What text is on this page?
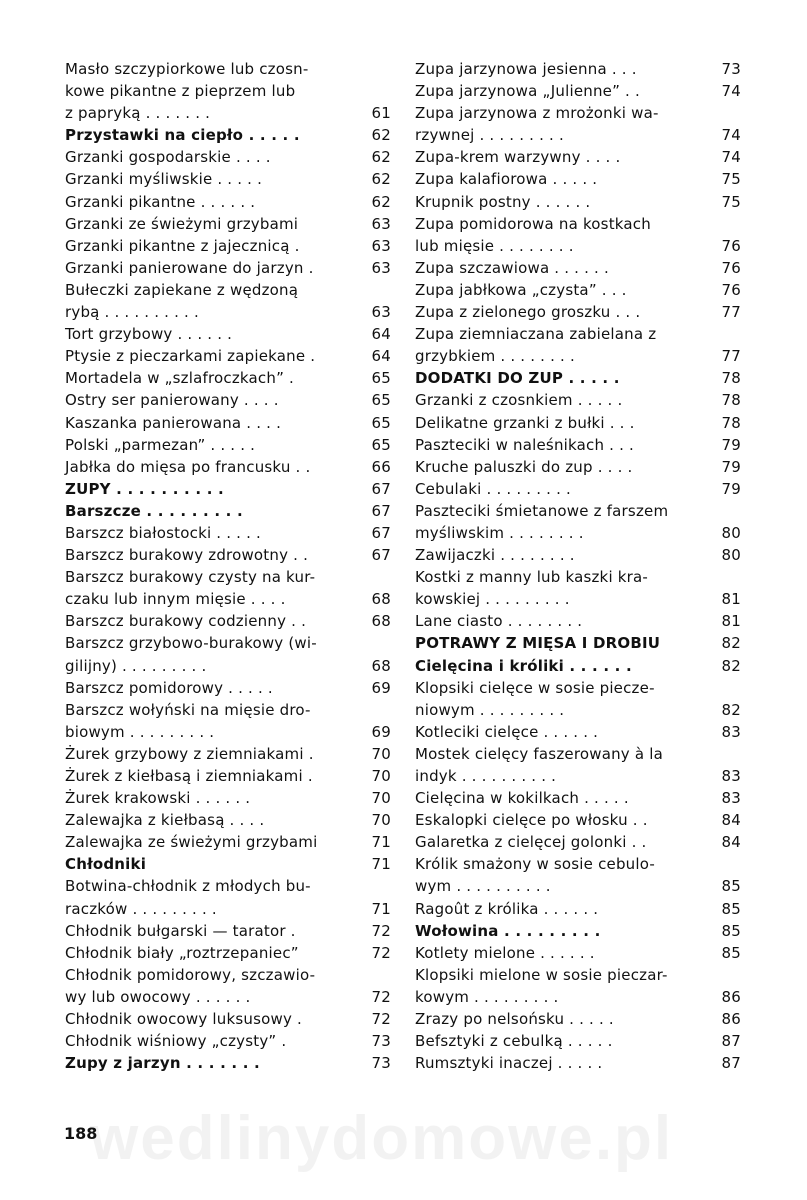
wedlinydomowe.pl
Masło szczypiorkowe lub czosn-
kowe pikantne z pieprzem lub
z papryką . . . . . . .	61
Przystawki na ciepło . . . . .	62
Grzanki gospodarskie . . . .	62
Grzanki myśliwskie . . . . .	62
Grzanki pikantne . . . . . .	62
Grzanki ze świeżymi grzybami	63
Grzanki pikantne z jajecznicą .	63
Grzanki panierowane do jarzyn .	63
Bułeczki zapiekane z wędzoną
rybą . . . . . . . . . .	63
Tort grzybowy . . . . . .	64
Ptysie z pieczarkami zapiekane .	64
Mortadela w „szlafroczkach” .	65
Ostry ser panierowany . . . .	65
Kaszanka panierowana . . . .	65
Polski „parmezan” . . . . .	65
Jabłka do mięsa po francusku . .	66
ZUPY . . . . . . . . . .	67
Barszcze . . . . . . . . .	67
Barszcz białostocki . . . . .	67
Barszcz burakowy zdrowotny . .	67
Barszcz burakowy czysty na kur-
czaku lub innym mięsie . . . .	68
Barszcz burakowy codzienny . .	68
Barszcz grzybowo-burakowy (wi-
gilijny) . . . . . . . . .	68
Barszcz pomidorowy . . . . .	69
Barszcz wołyński na mięsie dro-
biowym . . . . . . . . .	69
Żurek grzybowy z ziemniakami .	70
Żurek z kiełbasą i ziemniakami .	70
Żurek krakowski . . . . . .	70
Zalewajka z kiełbasą . . . .	70
Zalewajka ze świeżymi grzybami	71
Chłodniki	71
Botwina-chłodnik z młodych bu-
raczków . . . . . . . . .	71
Chłodnik bułgarski — tarator .	72
Chłodnik biały „roztrzepaniec”	72
Chłodnik pomidorowy, szczawio-
wy lub owocowy . . . . . .	72
Chłodnik owocowy luksusowy .	72
Chłodnik wiśniowy „czysty” .	73
Zupy z jarzyn . . . . . . .	73
Zupa jarzynowa jesienna . . .	73
Zupa jarzynowa „Julienne” . .	74
Zupa jarzynowa z mrożonki wa-
rzywnej . . . . . . . . .	74
Zupa-krem warzywny . . . .	74
Zupa kalafiorowa . . . . .	75
Krupnik postny . . . . . .	75
Zupa pomidorowa na kostkach
lub mięsie . . . . . . . .	76
Zupa szczawiowa . . . . . .	76
Zupa jabłkowa „czysta” . . .	76
Zupa z zielonego groszku . . .	77
Zupa ziemniaczana zabielana z
grzybkiem . . . . . . . .	77
DODATKI DO ZUP . . . . .	78
Grzanki z czosnkiem . . . . .	78
Delikatne grzanki z bułki . . .	78
Paszteciki w naleśnikach . . .	79
Kruche paluszki do zup . . . .	79
Cebulaki . . . . . . . . .	79
Paszteciki śmietanowe z farszem
myśliwskim . . . . . . . .	80
Zawijaczki . . . . . . . .	80
Kostki z manny lub kaszki kra-
kowskiej . . . . . . . . .	81
Lane ciasto . . . . . . . .	81
POTRAWY Z MIĘSA I DROBIU	82
Cielęcina i króliki . . . . . .	82
Klopsiki cielęce w sosie piecze-
niowym . . . . . . . . .	82
Kotleciki cielęce . . . . . .	83
Mostek cielęcy faszerowany à la
indyk . . . . . . . . . .	83
Cielęcina w kokilkach . . . . .	83
Eskalopki cielęce po włosku . .	84
Galaretka z cielęcej golonki . .	84
Królik smażony w sosie cebulo-
wym . . . . . . . . . .	85
Ragoût z królika . . . . . .	85
Wołowina . . . . . . . . .	85
Kotlety mielone . . . . . .	85
Klopsiki mielone w sosie pieczar-
kowym . . . . . . . . .	86
Zrazy po nelsońsku . . . . .	86
Befsztyki z cebulką . . . . .	87
Rumsztyki inaczej . . . . .	87
188
